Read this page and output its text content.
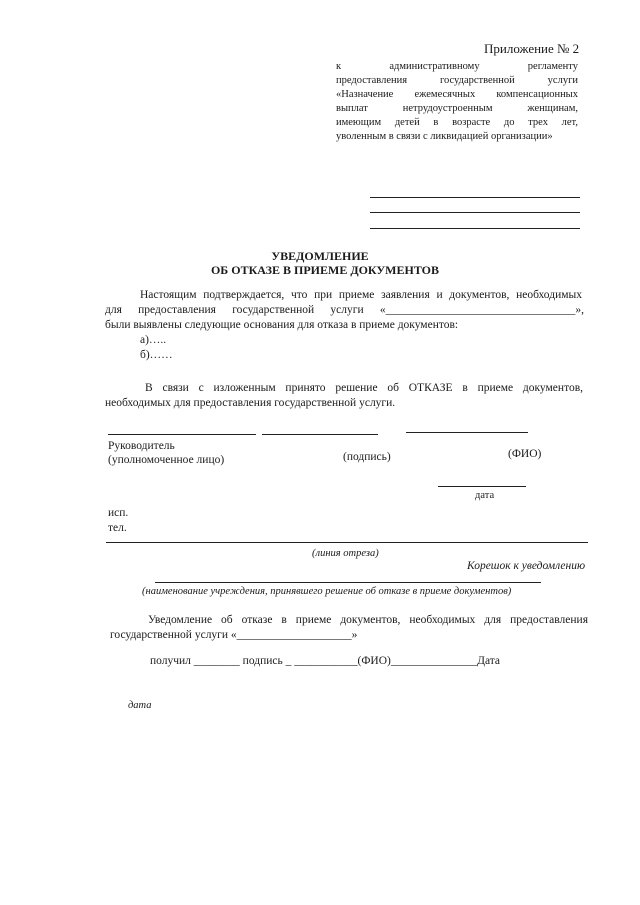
Приложение № 2
к административному регламенту
предоставления государственной услуги
«Назначение ежемесячных компенсационных
выплат нетрудоустроенным женщинам,
имеющим детей в возрасте до трех лет,
уволенным в связи с ликвидацией организации»
УВЕДОМЛЕНИЕ
ОБ ОТКАЗЕ В ПРИЕМЕ ДОКУМЕНТОВ
Настоящим подтверждается, что при приеме заявления и документов, необходимых
для предоставления государственной услуги «_________________________________»,
были выявлены следующие основания для отказа в приеме документов:
а)…..
б)……
В связи с изложенным принято решение об ОТКАЗЕ в приеме документов,
необходимых для предоставления государственной услуги.
Руководитель
(уполномоченное лицо)	(подпись)	(ФИО)
дата
исп.
тел.
(линия отреза)
Корешок к уведомлению
(наименование учреждения, принявшего решение об отказе в приеме документов)
Уведомление об отказе в приеме документов, необходимых для предоставления
государственной услуги «____________________»
получил ________ подпись _ ___________(ФИО)_______________Дата
дата
